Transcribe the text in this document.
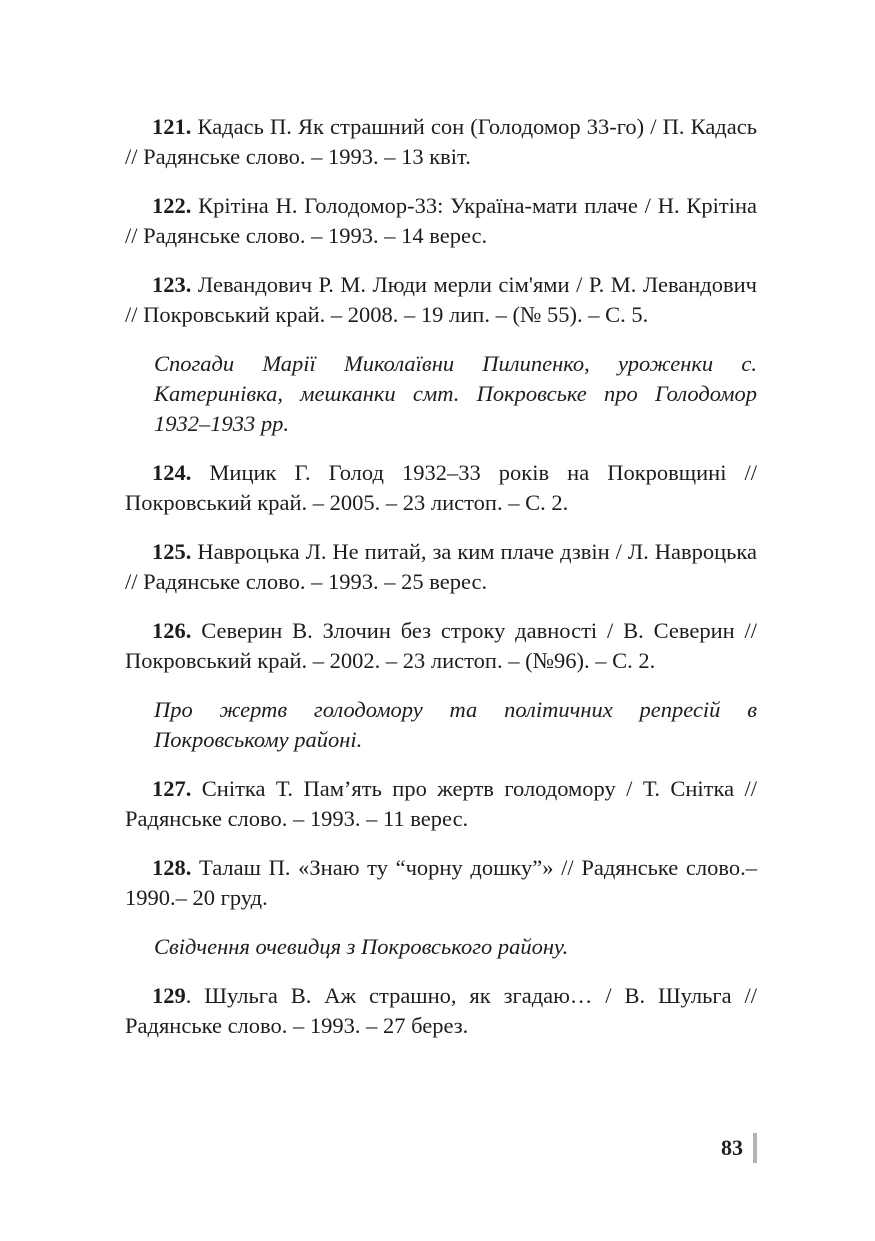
121. Кадась П. Як страшний сон (Голодомор 33-го) / П. Кадась // Радянське слово. – 1993. – 13 квіт.

122. Крітіна Н. Голодомор-33: Україна-мати плаче / Н. Крітіна // Радянське слово. – 1993. – 14 верес.

123. Левандович Р. М. Люди мерли сім'ями / Р. М. Левандович // Покровський край. – 2008. – 19 лип. – (№ 55). – С. 5.

Спогади Марії Миколаївни Пилипенко, уроженки с. Катеринівка, мешканки смт. Покровське про Голодомор 1932–1933 рр.

124. Мицик Г. Голод 1932–33 років на Покровщині // Покровський край. – 2005. – 23 листоп. – С. 2.

125. Навроцька Л. Не питай, за ким плаче дзвін / Л. Навроцька // Радянське слово. – 1993. – 25 верес.

126. Северин В. Злочин без строку давності / В. Северин // Покровський край. – 2002. – 23 листоп. – (№96). – С. 2.

Про жертв голодомору та політичних репресій в Покровському районі.

127. Снітка Т. Пам’ять про жертв голодомору / Т. Снітка // Радянське слово. – 1993. – 11 верес.

128. Талаш П. «Знаю ту “чорну дошку”» // Радянське слово.– 1990.– 20 груд.

Свідчення очевидця з Покровського району.

129. Шульга В. Аж страшно, як згадаю… / В. Шульга // Радянське слово. – 1993. – 27 берез.

83
